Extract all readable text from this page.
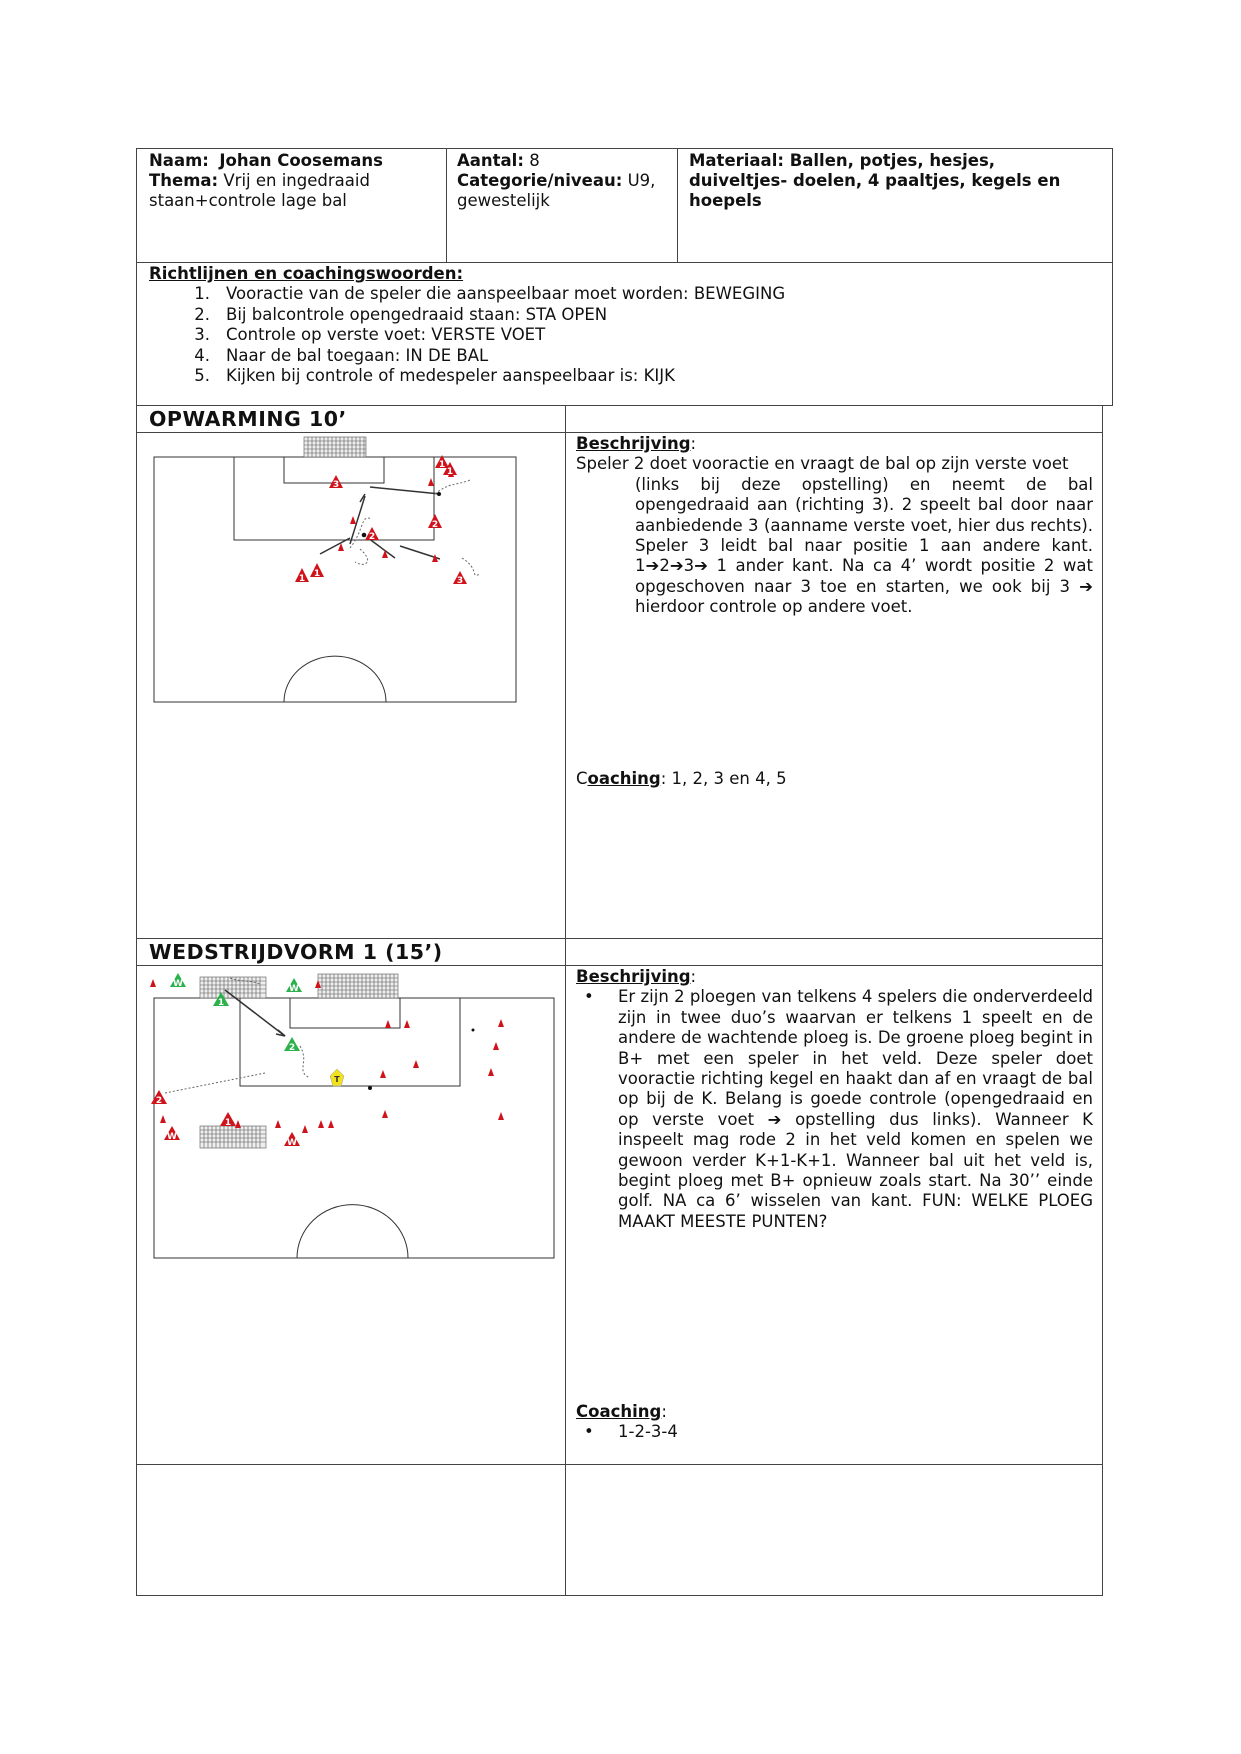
Naam: Johan Coosemans
Thema: Vrij en ingedraaid
staan+controle lage bal
Aantal: 8
Categorie/niveau: U9,
gewestelijk
Materiaal: Ballen, potjes, hesjes,
duiveltjes- doelen, 4 paaltjes, kegels en
hoepels
Richtlijnen en coachingswoorden:
1. Vooractie van de speler die aanspeelbaar moet worden: BEWEGING
2. Bij balcontrole opengedraaid staan: STA OPEN
3. Controle op verste voet: VERSTE VOET
4. Naar de bal toegaan: IN DE BAL
5. Kijken bij controle of medespeler aanspeelbaar is: KIJK
OPWARMING 10’
Beschrijving:
Speler 2 doet vooractie en vraagt de bal op zijn verste voet
(links bij deze opstelling) en neemt de bal opengedraaid aan (richting 3). 2 speelt bal door naar aanbiedende 3 (aanname verste voet, hier dus rechts). Speler 3 leidt bal naar positie 1 aan andere kant. 1➔2➔3➔ 1 ander kant. Na ca 4’ wordt positie 2 wat opgeschoven naar 3 toe en starten, we ook bij 3 ➔ hierdoor controle op andere voet.
Coaching: 1, 2, 3 en 4, 5
3
1
1
2
2
1
1
3
WEDSTRIJDVORM 1 (15’)
Beschrijving:
• Er zijn 2 ploegen van telkens 4 spelers die onderverdeeld zijn in twee duo’s waarvan er telkens 1 speelt en de andere de wachtende ploeg is. De groene ploeg begint in B+ met een speler in het veld. Deze speler doet vooractie richting kegel en haakt dan af en vraagt de bal op bij de K. Belang is goede controle (opengedraaid en op verste voet ➔ opstelling dus links). Wanneer K inspeelt mag rode 2 in het veld komen en spelen we gewoon verder K+1-K+1. Wanneer bal uit het veld is, begint ploeg met B+ opnieuw zoals start. Na 30’’ einde golf. NA ca 6’ wisselen van kant. FUN: WELKE PLOEG MAAKT MEESTE PUNTEN?
Coaching:
• 1-2-3-4
W	W
1
2
T
2
W
1
W
